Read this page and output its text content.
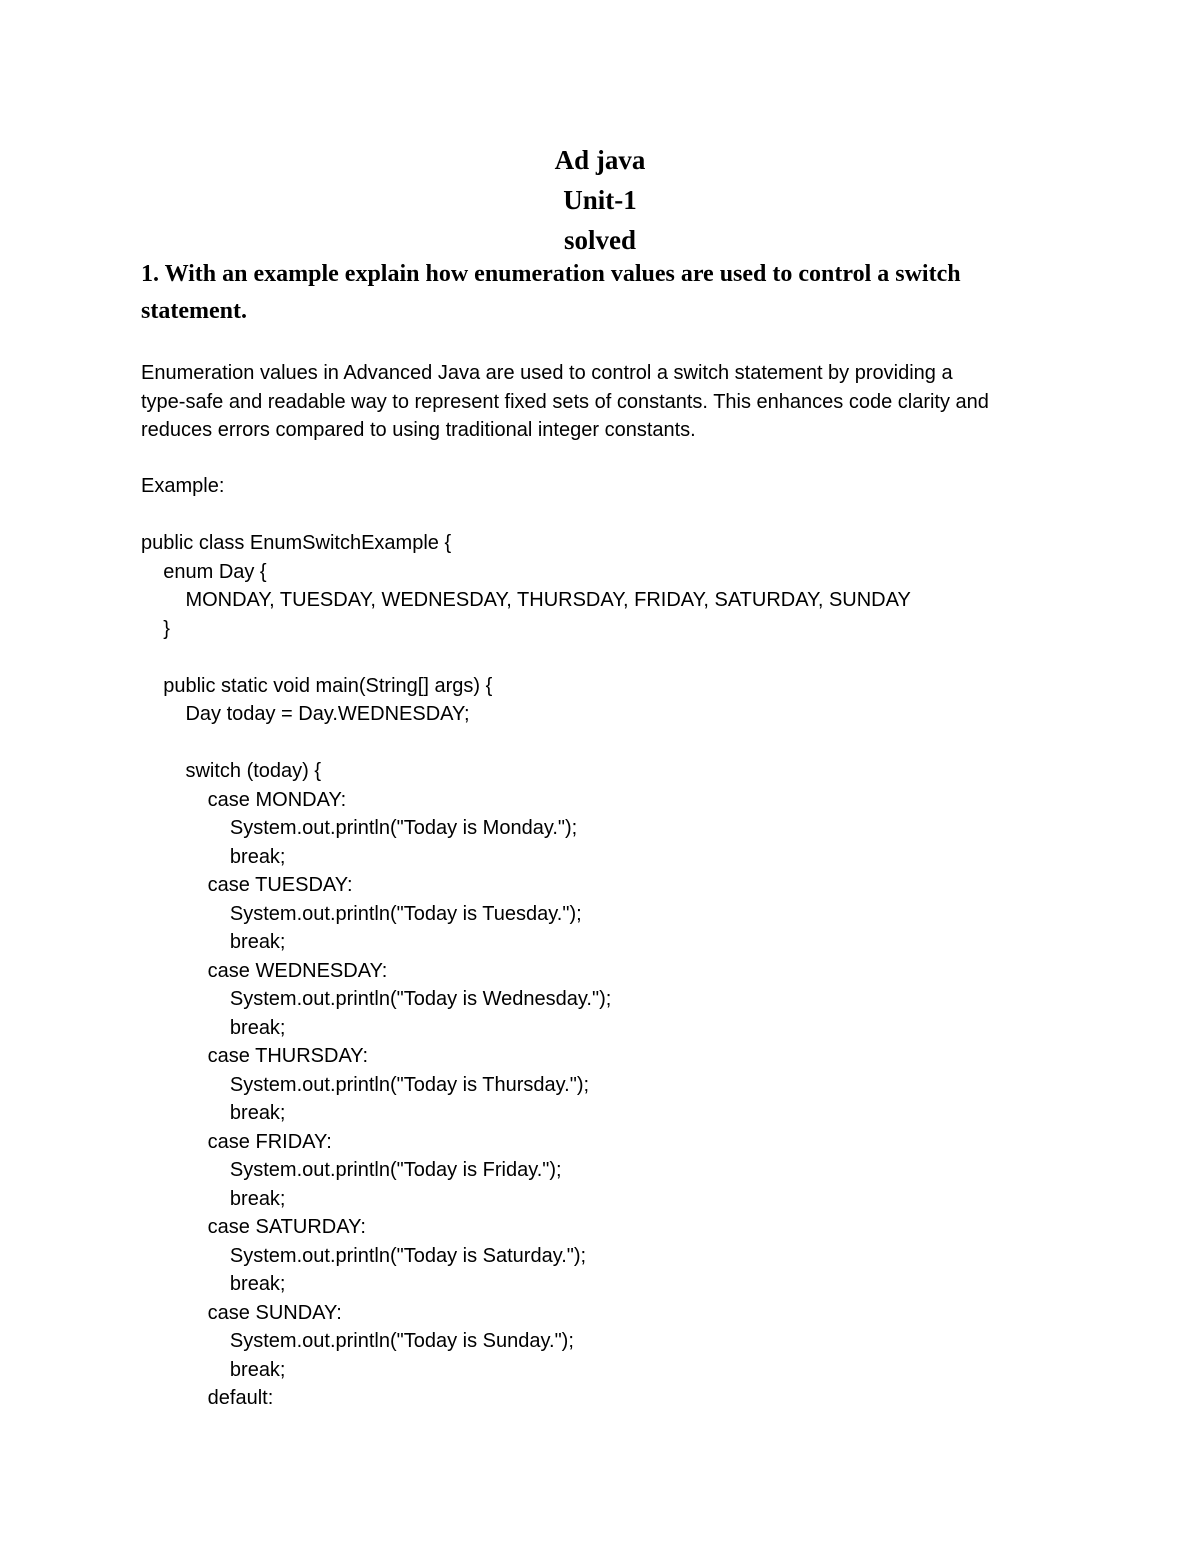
Ad java
Unit-1
solved
1. With an example explain how enumeration values are used to control a switch statement.
Enumeration values in Advanced Java are used to control a switch statement by providing a
type-safe and readable way to represent fixed sets of constants. This enhances code clarity and
reduces errors compared to using traditional integer constants.
Example:
public class EnumSwitchExample {
enum Day {
MONDAY, TUESDAY, WEDNESDAY, THURSDAY, FRIDAY, SATURDAY, SUNDAY
}
public static void main(String[] args) {
Day today = Day.WEDNESDAY;
switch (today) {
case MONDAY:
System.out.println("Today is Monday.");
break;
case TUESDAY:
System.out.println("Today is Tuesday.");
break;
case WEDNESDAY:
System.out.println("Today is Wednesday.");
break;
case THURSDAY:
System.out.println("Today is Thursday.");
break;
case FRIDAY:
System.out.println("Today is Friday.");
break;
case SATURDAY:
System.out.println("Today is Saturday.");
break;
case SUNDAY:
System.out.println("Today is Sunday.");
break;
default:
